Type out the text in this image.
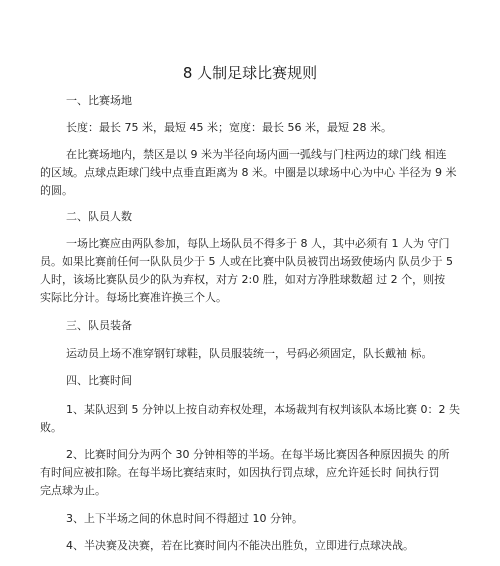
8 人制足球比赛规则
一、比赛场地
长度：最长 75 米，最短 45 米；宽度：最长 56 米，最短 28 米。
在比赛场地内，禁区是以 9 米为半径向场内画一弧线与门柱两边的球门线 相连
的区域。点球点距球门线中点垂直距离为 8 米。中圈是以球场中心为中心 半径为 9 米
的圆。
二、队员人数
一场比赛应由两队参加，每队上场队员不得多于 8 人，其中必须有 1 人为 守门
员。如果比赛前任何一队队员少于 5 人或在比赛中队员被罚出场致使场内 队员少于 5
人时，该场比赛队员少的队为弃权，对方 2:0 胜，如对方净胜球数超 过 2 个，则按
实际比分计。每场比赛准许换三个人。
三、队员装备
运动员上场不准穿钢钉球鞋，队员服装统一，号码必须固定，队长戴袖 标。
四、比赛时间
1、某队迟到 5 分钟以上按自动弃权处理，本场裁判有权判该队本场比赛 0：2 失
败。
2、比赛时间分为两个 30 分钟相等的半场。在每半场比赛因各种原因损失 的所
有时间应被扣除。在每半场比赛结束时，如因执行罚点球，应允许延长时 间执行罚
完点球为止。
3、上下半场之间的休息时间不得超过 10 分钟。
4、半决赛及决赛，若在比赛时间内不能决出胜负，立即进行点球决战。
